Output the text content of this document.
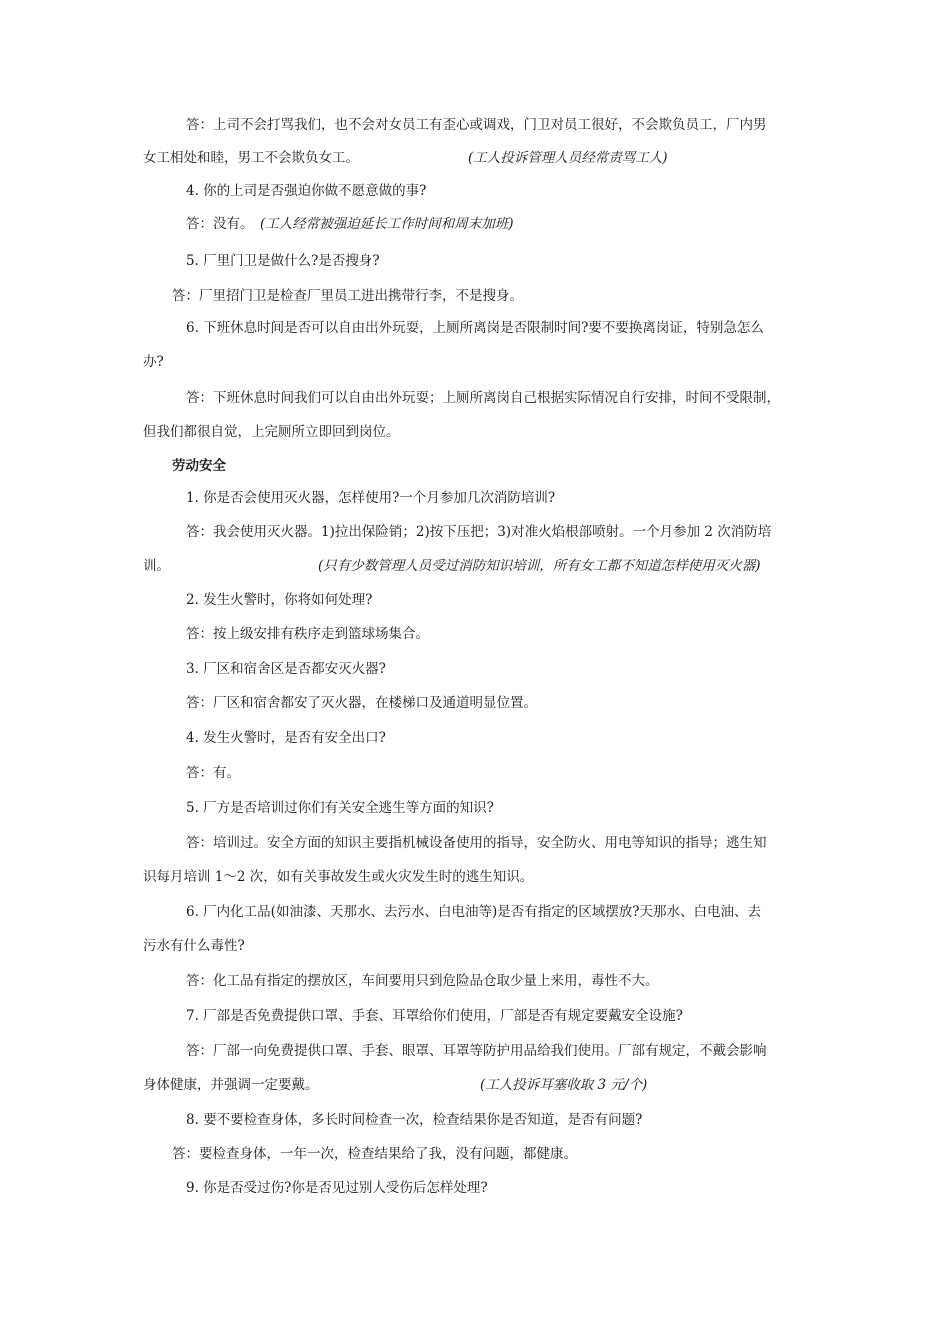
答：上司不会打骂我们，也不会对女员工有歪心或调戏，门卫对员工很好，不会欺负员工，厂内男
女工相处和睦，男工不会欺负女工。	(工人投诉管理人员经常责骂工人)
4. 你的上司是否强迫你做不愿意做的事?
答：没有。 (工人经常被强迫延长工作时间和周末加班)
5. 厂里门卫是做什么?是否搜身?
答：厂里招门卫是检查厂里员工进出携带行李，不是搜身。
6. 下班休息时间是否可以自由出外玩耍，上厕所离岗是否限制时间?要不要换离岗证，特别急怎么
办?
答：下班休息时间我们可以自由出外玩耍；上厕所离岗自己根据实际情况自行安排，时间不受限制，
但我们都很自觉，上完厕所立即回到岗位。
劳动安全
1. 你是否会使用灭火器，怎样使用?一个月参加几次消防培训?
答：我会使用灭火器。1)拉出保险销；2)按下压把；3)对准火焰根部喷射。一个月参加 2 次消防培
训。	(只有少数管理人员受过消防知识培训，所有女工都不知道怎样使用灭火器)
2. 发生火警时，你将如何处理?
答：按上级安排有秩序走到篮球场集合。
3. 厂区和宿舍区是否都安灭火器?
答：厂区和宿舍都安了灭火器，在楼梯口及通道明显位置。
4. 发生火警时，是否有安全出口?
答：有。
5. 厂方是否培训过你们有关安全逃生等方面的知识?
答：培训过。安全方面的知识主要指机械设备使用的指导，安全防火、用电等知识的指导；逃生知
识每月培训 1～2 次，如有关事故发生或火灾发生时的逃生知识。
6. 厂内化工品(如油漆、天那水、去污水、白电油等)是否有指定的区域摆放?天那水、白电油、去
污水有什么毒性?
答：化工品有指定的摆放区，车间要用只到危险品仓取少量上来用，毒性不大。
7. 厂部是否免费提供口罩、手套、耳罩给你们使用，厂部是否有规定要戴安全设施?
答：厂部一向免费提供口罩、手套、眼罩、耳罩等防护用品给我们使用。厂部有规定，不戴会影响
身体健康，并强调一定要戴。	(工人投诉耳塞收取 3 元/个)
8. 要不要检查身体，多长时间检查一次，检查结果你是否知道，是否有问题?
答：要检查身体，一年一次，检查结果给了我，没有问题，都健康。
9. 你是否受过伤?你是否见过别人受伤后怎样处理?
